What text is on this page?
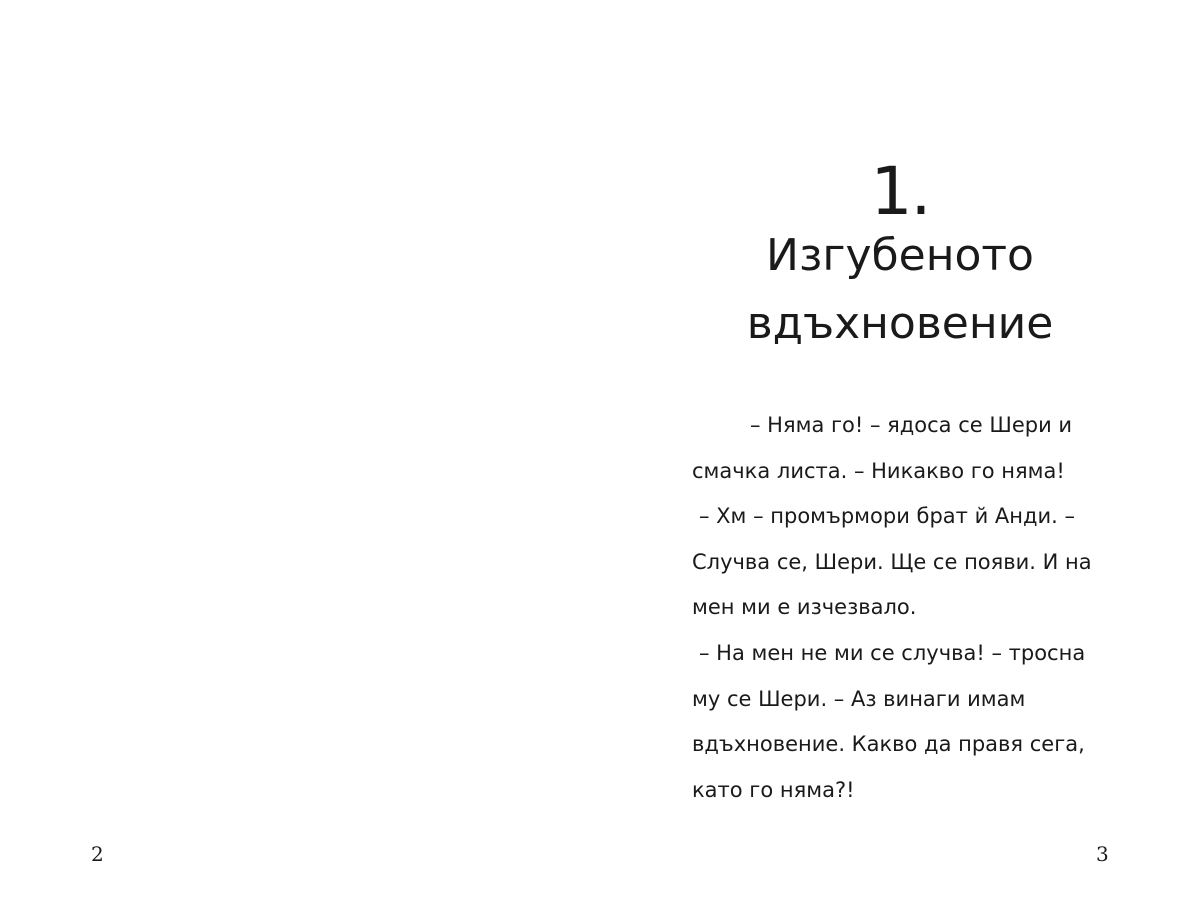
2
1.
Изгубеното
вдъхновение
– Няма го! – ядоса се Шери и
смачка листа. – Никакво го няма!
– Хм – промърмори брат й Анди. –
Случва се, Шери. Ще се появи. И на
мен ми е изчезвало.
– На мен не ми се случва! – тросна
му се Шери. – Аз винаги имам
вдъхновение. Какво да правя сега,
като го няма?!
3
